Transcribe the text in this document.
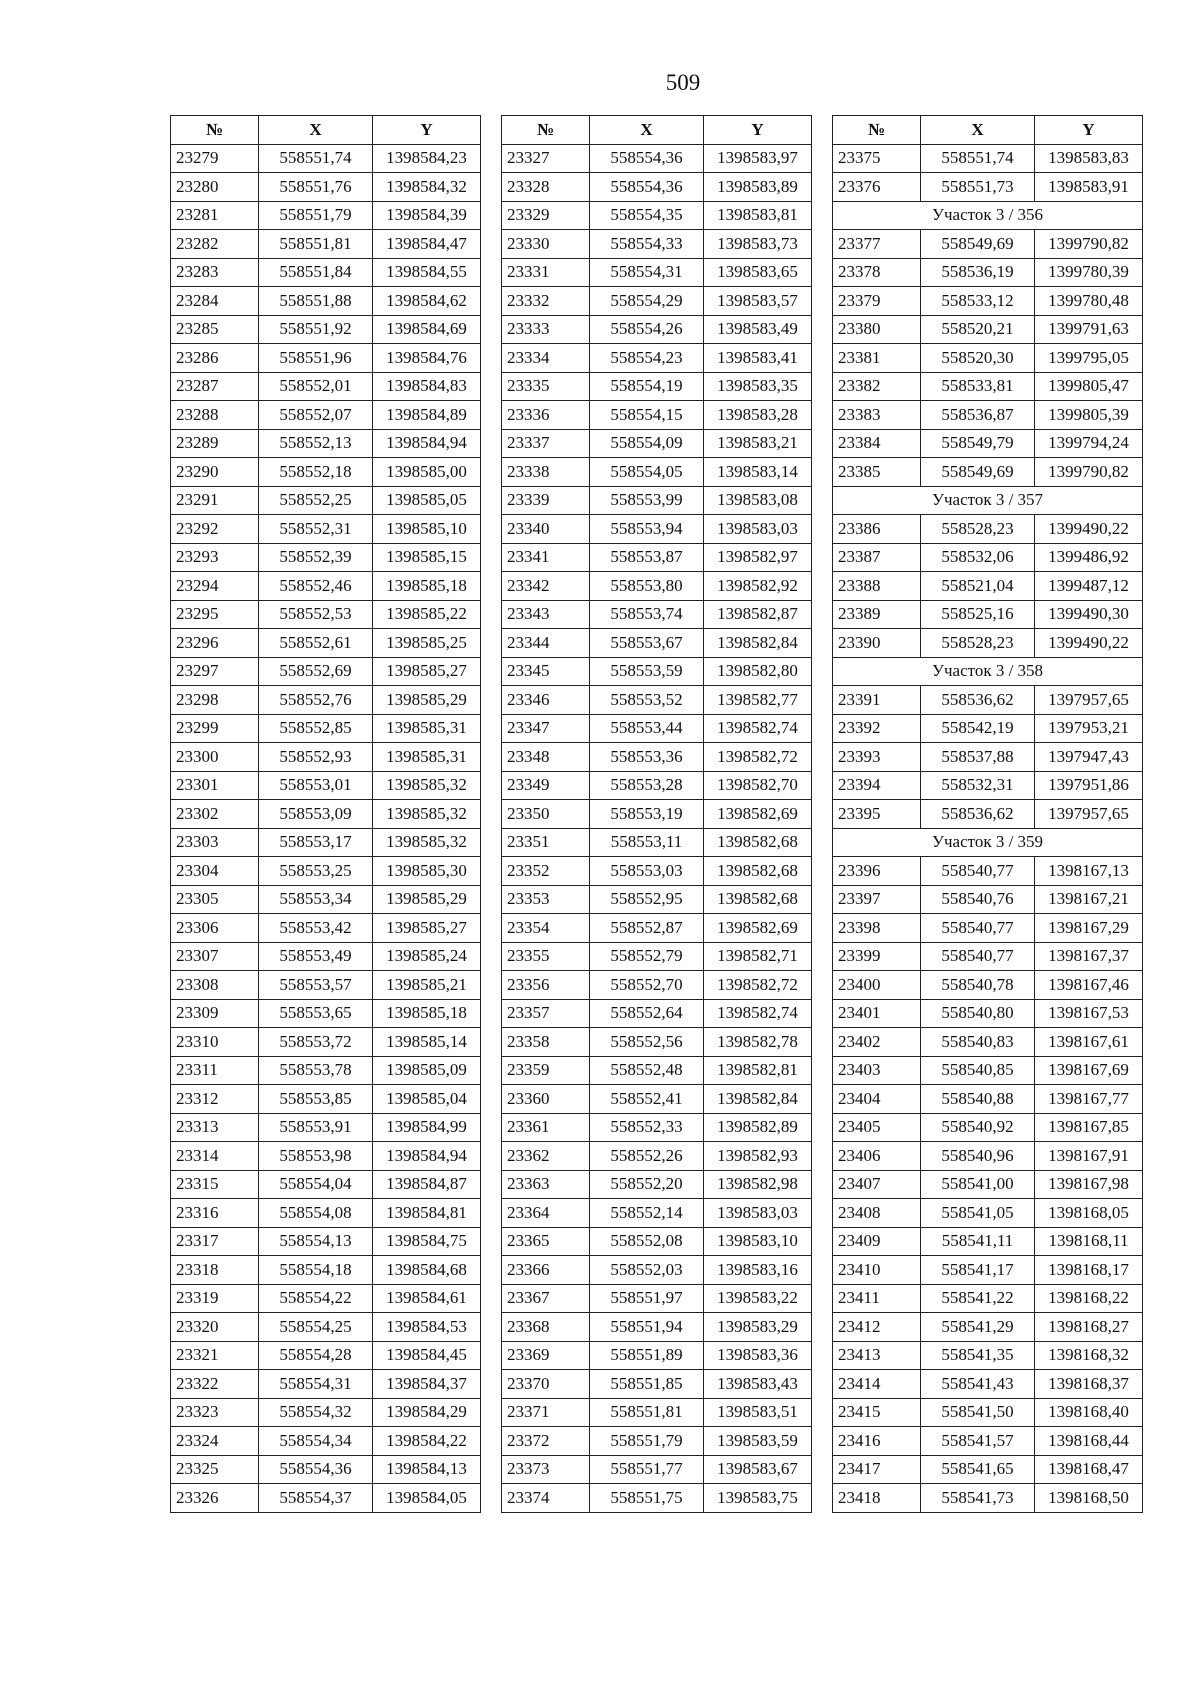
509
№	X	Y
23279	558551,74	1398584,23
23280	558551,76	1398584,32
23281	558551,79	1398584,39
23282	558551,81	1398584,47
23283	558551,84	1398584,55
23284	558551,88	1398584,62
23285	558551,92	1398584,69
23286	558551,96	1398584,76
23287	558552,01	1398584,83
23288	558552,07	1398584,89
23289	558552,13	1398584,94
23290	558552,18	1398585,00
23291	558552,25	1398585,05
23292	558552,31	1398585,10
23293	558552,39	1398585,15
23294	558552,46	1398585,18
23295	558552,53	1398585,22
23296	558552,61	1398585,25
23297	558552,69	1398585,27
23298	558552,76	1398585,29
23299	558552,85	1398585,31
23300	558552,93	1398585,31
23301	558553,01	1398585,32
23302	558553,09	1398585,32
23303	558553,17	1398585,32
23304	558553,25	1398585,30
23305	558553,34	1398585,29
23306	558553,42	1398585,27
23307	558553,49	1398585,24
23308	558553,57	1398585,21
23309	558553,65	1398585,18
23310	558553,72	1398585,14
23311	558553,78	1398585,09
23312	558553,85	1398585,04
23313	558553,91	1398584,99
23314	558553,98	1398584,94
23315	558554,04	1398584,87
23316	558554,08	1398584,81
23317	558554,13	1398584,75
23318	558554,18	1398584,68
23319	558554,22	1398584,61
23320	558554,25	1398584,53
23321	558554,28	1398584,45
23322	558554,31	1398584,37
23323	558554,32	1398584,29
23324	558554,34	1398584,22
23325	558554,36	1398584,13
23326	558554,37	1398584,05
№	X	Y
23327	558554,36	1398583,97
23328	558554,36	1398583,89
23329	558554,35	1398583,81
23330	558554,33	1398583,73
23331	558554,31	1398583,65
23332	558554,29	1398583,57
23333	558554,26	1398583,49
23334	558554,23	1398583,41
23335	558554,19	1398583,35
23336	558554,15	1398583,28
23337	558554,09	1398583,21
23338	558554,05	1398583,14
23339	558553,99	1398583,08
23340	558553,94	1398583,03
23341	558553,87	1398582,97
23342	558553,80	1398582,92
23343	558553,74	1398582,87
23344	558553,67	1398582,84
23345	558553,59	1398582,80
23346	558553,52	1398582,77
23347	558553,44	1398582,74
23348	558553,36	1398582,72
23349	558553,28	1398582,70
23350	558553,19	1398582,69
23351	558553,11	1398582,68
23352	558553,03	1398582,68
23353	558552,95	1398582,68
23354	558552,87	1398582,69
23355	558552,79	1398582,71
23356	558552,70	1398582,72
23357	558552,64	1398582,74
23358	558552,56	1398582,78
23359	558552,48	1398582,81
23360	558552,41	1398582,84
23361	558552,33	1398582,89
23362	558552,26	1398582,93
23363	558552,20	1398582,98
23364	558552,14	1398583,03
23365	558552,08	1398583,10
23366	558552,03	1398583,16
23367	558551,97	1398583,22
23368	558551,94	1398583,29
23369	558551,89	1398583,36
23370	558551,85	1398583,43
23371	558551,81	1398583,51
23372	558551,79	1398583,59
23373	558551,77	1398583,67
23374	558551,75	1398583,75
№	X	Y
23375	558551,74	1398583,83
23376	558551,73	1398583,91
Участок 3 / 356		
23377	558549,69	1399790,82
23378	558536,19	1399780,39
23379	558533,12	1399780,48
23380	558520,21	1399791,63
23381	558520,30	1399795,05
23382	558533,81	1399805,47
23383	558536,87	1399805,39
23384	558549,79	1399794,24
23385	558549,69	1399790,82
Участок 3 / 357		
23386	558528,23	1399490,22
23387	558532,06	1399486,92
23388	558521,04	1399487,12
23389	558525,16	1399490,30
23390	558528,23	1399490,22
Участок 3 / 358		
23391	558536,62	1397957,65
23392	558542,19	1397953,21
23393	558537,88	1397947,43
23394	558532,31	1397951,86
23395	558536,62	1397957,65
Участок 3 / 359		
23396	558540,77	1398167,13
23397	558540,76	1398167,21
23398	558540,77	1398167,29
23399	558540,77	1398167,37
23400	558540,78	1398167,46
23401	558540,80	1398167,53
23402	558540,83	1398167,61
23403	558540,85	1398167,69
23404	558540,88	1398167,77
23405	558540,92	1398167,85
23406	558540,96	1398167,91
23407	558541,00	1398167,98
23408	558541,05	1398168,05
23409	558541,11	1398168,11
23410	558541,17	1398168,17
23411	558541,22	1398168,22
23412	558541,29	1398168,27
23413	558541,35	1398168,32
23414	558541,43	1398168,37
23415	558541,50	1398168,40
23416	558541,57	1398168,44
23417	558541,65	1398168,47
23418	558541,73	1398168,50
